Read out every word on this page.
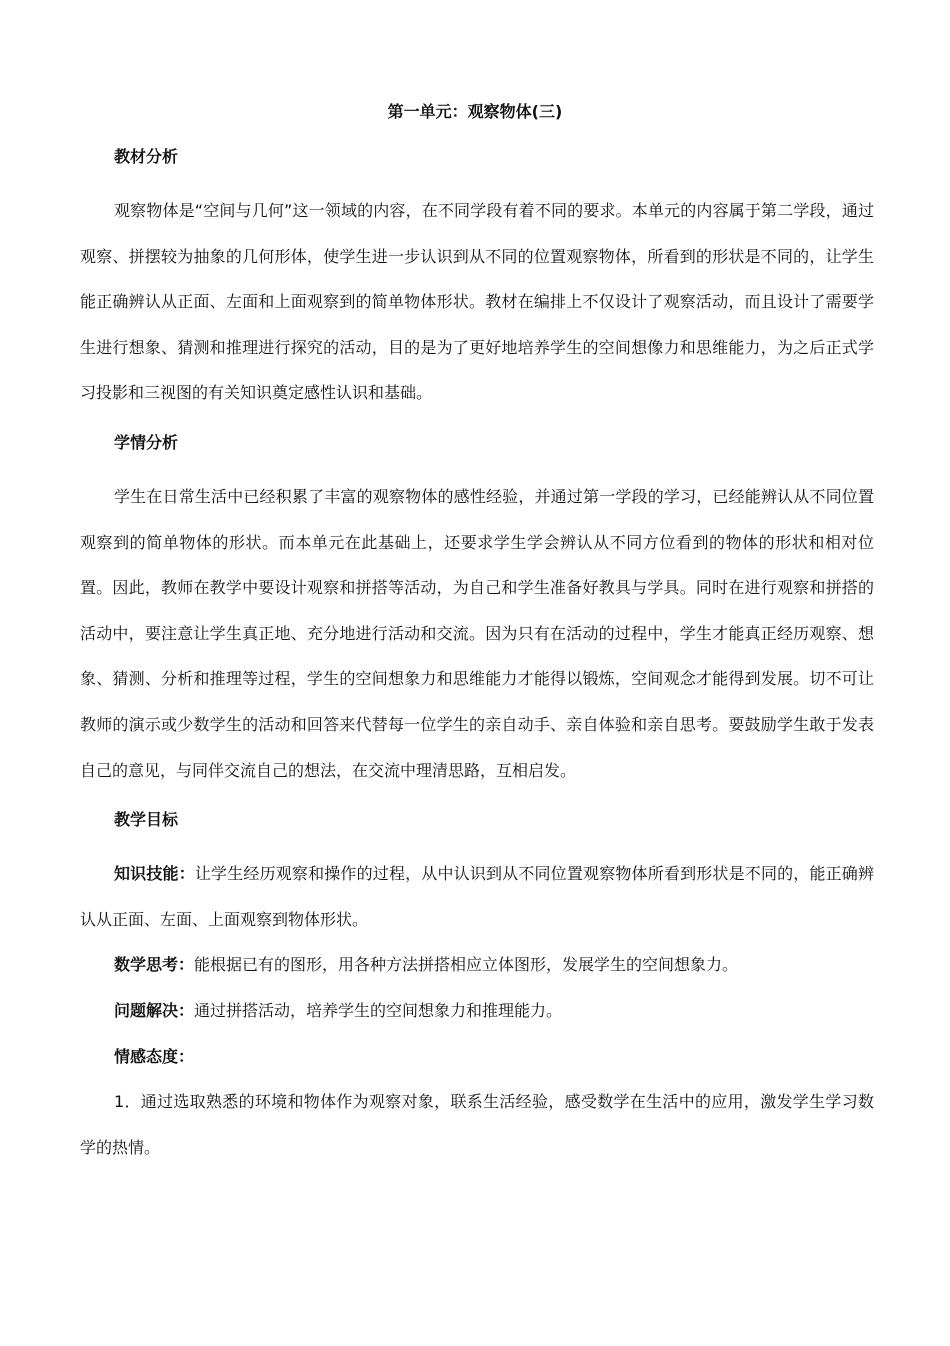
第一单元：观察物体(三)
教材分析

观察物体是“空间与几何”这一领域的内容，在不同学段有着不同的要求。本单元的内容属于第二学段，通过观察、拼摆较为抽象的几何形体，使学生进一步认识到从不同的位置观察物体，所看到的形状是不同的，让学生能正确辨认从正面、左面和上面观察到的简单物体形状。教材在编排上不仅设计了观察活动，而且设计了需要学生进行想象、猜测和推理进行探究的活动，目的是为了更好地培养学生的空间想像力和思维能力，为之后正式学习投影和三视图的有关知识奠定感性认识和基础。

学情分析

学生在日常生活中已经积累了丰富的观察物体的感性经验，并通过第一学段的学习，已经能辨认从不同位置观察到的简单物体的形状。而本单元在此基础上，还要求学生学会辨认从不同方位看到的物体的形状和相对位置。因此，教师在教学中要设计观察和拼搭等活动，为自己和学生准备好教具与学具。同时在进行观察和拼搭的活动中，要注意让学生真正地、充分地进行活动和交流。因为只有在活动的过程中，学生才能真正经历观察、想象、猜测、分析和推理等过程，学生的空间想象力和思维能力才能得以锻炼，空间观念才能得到发展。切不可让教师的演示或少数学生的活动和回答来代替每一位学生的亲自动手、亲自体验和亲自思考。要鼓励学生敢于发表自己的意见，与同伴交流自己的想法，在交流中理清思路，互相启发。

教学目标

知识技能：让学生经历观察和操作的过程，从中认识到从不同位置观察物体所看到形状是不同的，能正确辨认从正面、左面、上面观察到物体形状。

数学思考：能根据已有的图形，用各种方法拼搭相应立体图形，发展学生的空间想象力。

问题解决：通过拼搭活动，培养学生的空间想象力和推理能力。

情感态度：

1．通过选取熟悉的环境和物体作为观察对象，联系生活经验，感受数学在生活中的应用，激发学生学习数学的热情。
